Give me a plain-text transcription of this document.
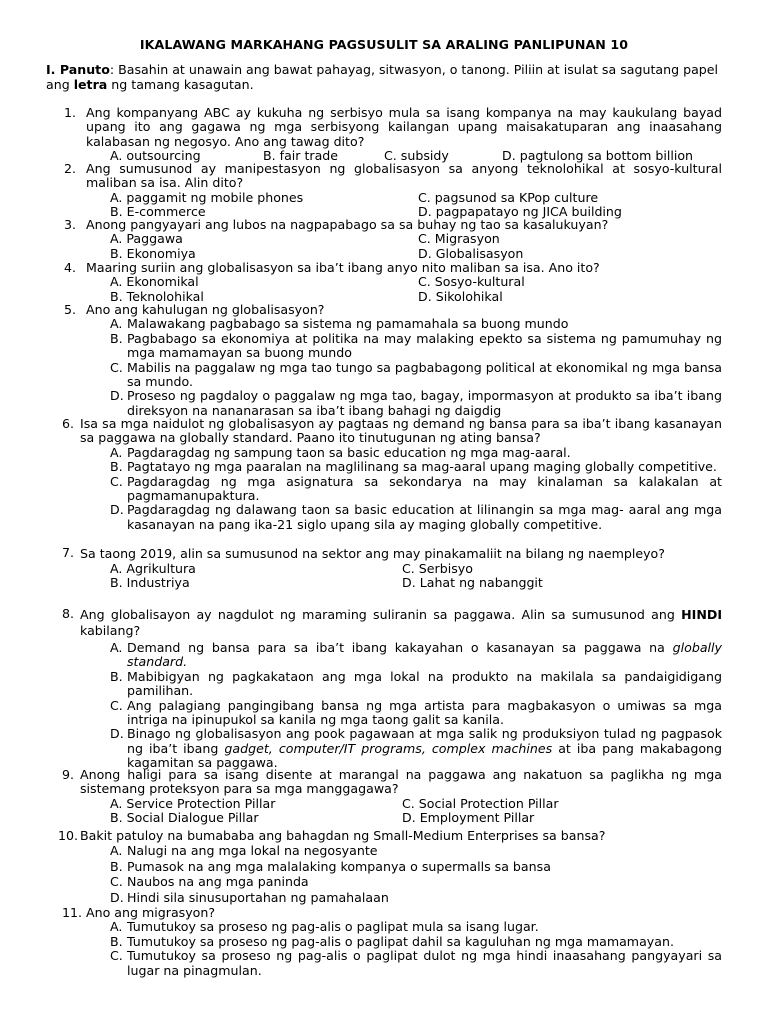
IKALAWANG MARKAHANG PAGSUSULIT SA ARALING PANLIPUNAN 10
I. Panuto: Basahin at unawain ang bawat pahayag, sitwasyon, o tanong. Piliin at isulat sa sagutang papel ang letra ng tamang kasagutan.
1. Ang kompanyang ABC ay kukuha ng serbisyo mula sa isang kompanya na may kaukulang bayad upang ito ang gagawa ng mga serbisyong kailangan upang maisakatuparan ang inaasahang kalabasan ng negosyo. Ano ang tawag dito?
A. outsourcing	B. fair trade	C. subsidy	D. pagtulong sa bottom billion
2. Ang sumusunod ay manipestasyon ng globalisasyon sa anyong teknolohikal at sosyo-kultural maliban sa isa. Alin dito?
A. paggamit ng mobile phones	C. pagsunod sa KPop culture
B. E-commerce	D. pagpapatayo ng JICA building
3. Anong pangyayari ang lubos na nagpapabago sa sa buhay ng tao sa kasalukuyan?
A. Paggawa	C. Migrasyon
B. Ekonomiya	D. Globalisasyon
4. Maaring suriin ang globalisasyon sa iba’t ibang anyo nito maliban sa isa. Ano ito?
A. Ekonomikal	C. Sosyo-kultural
B. Teknolohikal	D. Sikolohikal
5. Ano ang kahulugan ng globalisasyon?
A. Malawakang pagbabago sa sistema ng pamamahala sa buong mundo
B. Pagbabago sa ekonomiya at politika na may malaking epekto sa sistema ng pamumuhay ng mga mamamayan sa buong mundo
C. Mabilis na paggalaw ng mga tao tungo sa pagbabagong political at ekonomikal ng mga bansa sa mundo.
D. Proseso ng pagdaloy o paggalaw ng mga tao, bagay, impormasyon at produkto sa iba’t ibang direksyon na nananarasan sa iba’t ibang bahagi ng daigdig
6. Isa sa mga naidulot ng globalisasyon ay pagtaas ng demand ng bansa para sa iba’t ibang kasanayan sa paggawa na globally standard. Paano ito tinutugunan ng ating bansa?
A. Pagdaragdag ng sampung taon sa basic education ng mga mag-aaral.
B. Pagtatayo ng mga paaralan na maglilinang sa mag-aaral upang maging globally competitive.
C. Pagdaragdag ng mga asignatura sa sekondarya na may kinalaman sa kalakalan at pagmamanupaktura.
D. Pagdaragdag ng dalawang taon sa basic education at lilinangin sa mga mag- aaral ang mga kasanayan na pang ika-21 siglo upang sila ay maging globally competitive.
7. Sa taong 2019, alin sa sumusunod na sektor ang may pinakamaliit na bilang ng naempleyo?
A. Agrikultura	C. Serbisyo
B. Industriya	D. Lahat ng nabanggit
8. Ang globalisayon ay nagdulot ng maraming suliranin sa paggawa. Alin sa sumusunod ang HINDI kabilang?
A. Demand ng bansa para sa iba’t ibang kakayahan o kasanayan sa paggawa na globally standard.
B. Mabibigyan ng pagkakataon ang mga lokal na produkto na makilala sa pandaigidigang pamilihan.
C. Ang palagiang pangingibang bansa ng mga artista para magbakasyon o umiwas sa mga intriga na ipinupukol sa kanila ng mga taong galit sa kanila.
D. Binago ng globalisasyon ang pook pagawaan at mga salik ng produksiyon tulad ng pagpasok ng iba’t ibang gadget, computer/IT programs, complex machines at iba pang makabagong kagamitan sa paggawa.
9. Anong haligi para sa isang disente at marangal na paggawa ang nakatuon sa paglikha ng mga sistemang proteksyon para sa mga manggagawa?
A. Service Protection Pillar	C. Social Protection Pillar
B. Social Dialogue Pillar	D. Employment Pillar
10. Bakit patuloy na bumababa ang bahagdan ng Small-Medium Enterprises sa bansa?
A. Nalugi na ang mga lokal na negosyante
B. Pumasok na ang mga malalaking kompanya o supermalls sa bansa
C. Naubos na ang mga paninda
D. Hindi sila sinusuportahan ng pamahalaan
11. Ano ang migrasyon?
A. Tumutukoy sa proseso ng pag-alis o paglipat mula sa isang lugar.
B. Tumutukoy sa proseso ng pag-alis o paglipat dahil sa kaguluhan ng mga mamamayan.
C. Tumutukoy sa proseso ng pag-alis o paglipat dulot ng mga hindi inaasahang pangyayari sa lugar na pinagmulan.
